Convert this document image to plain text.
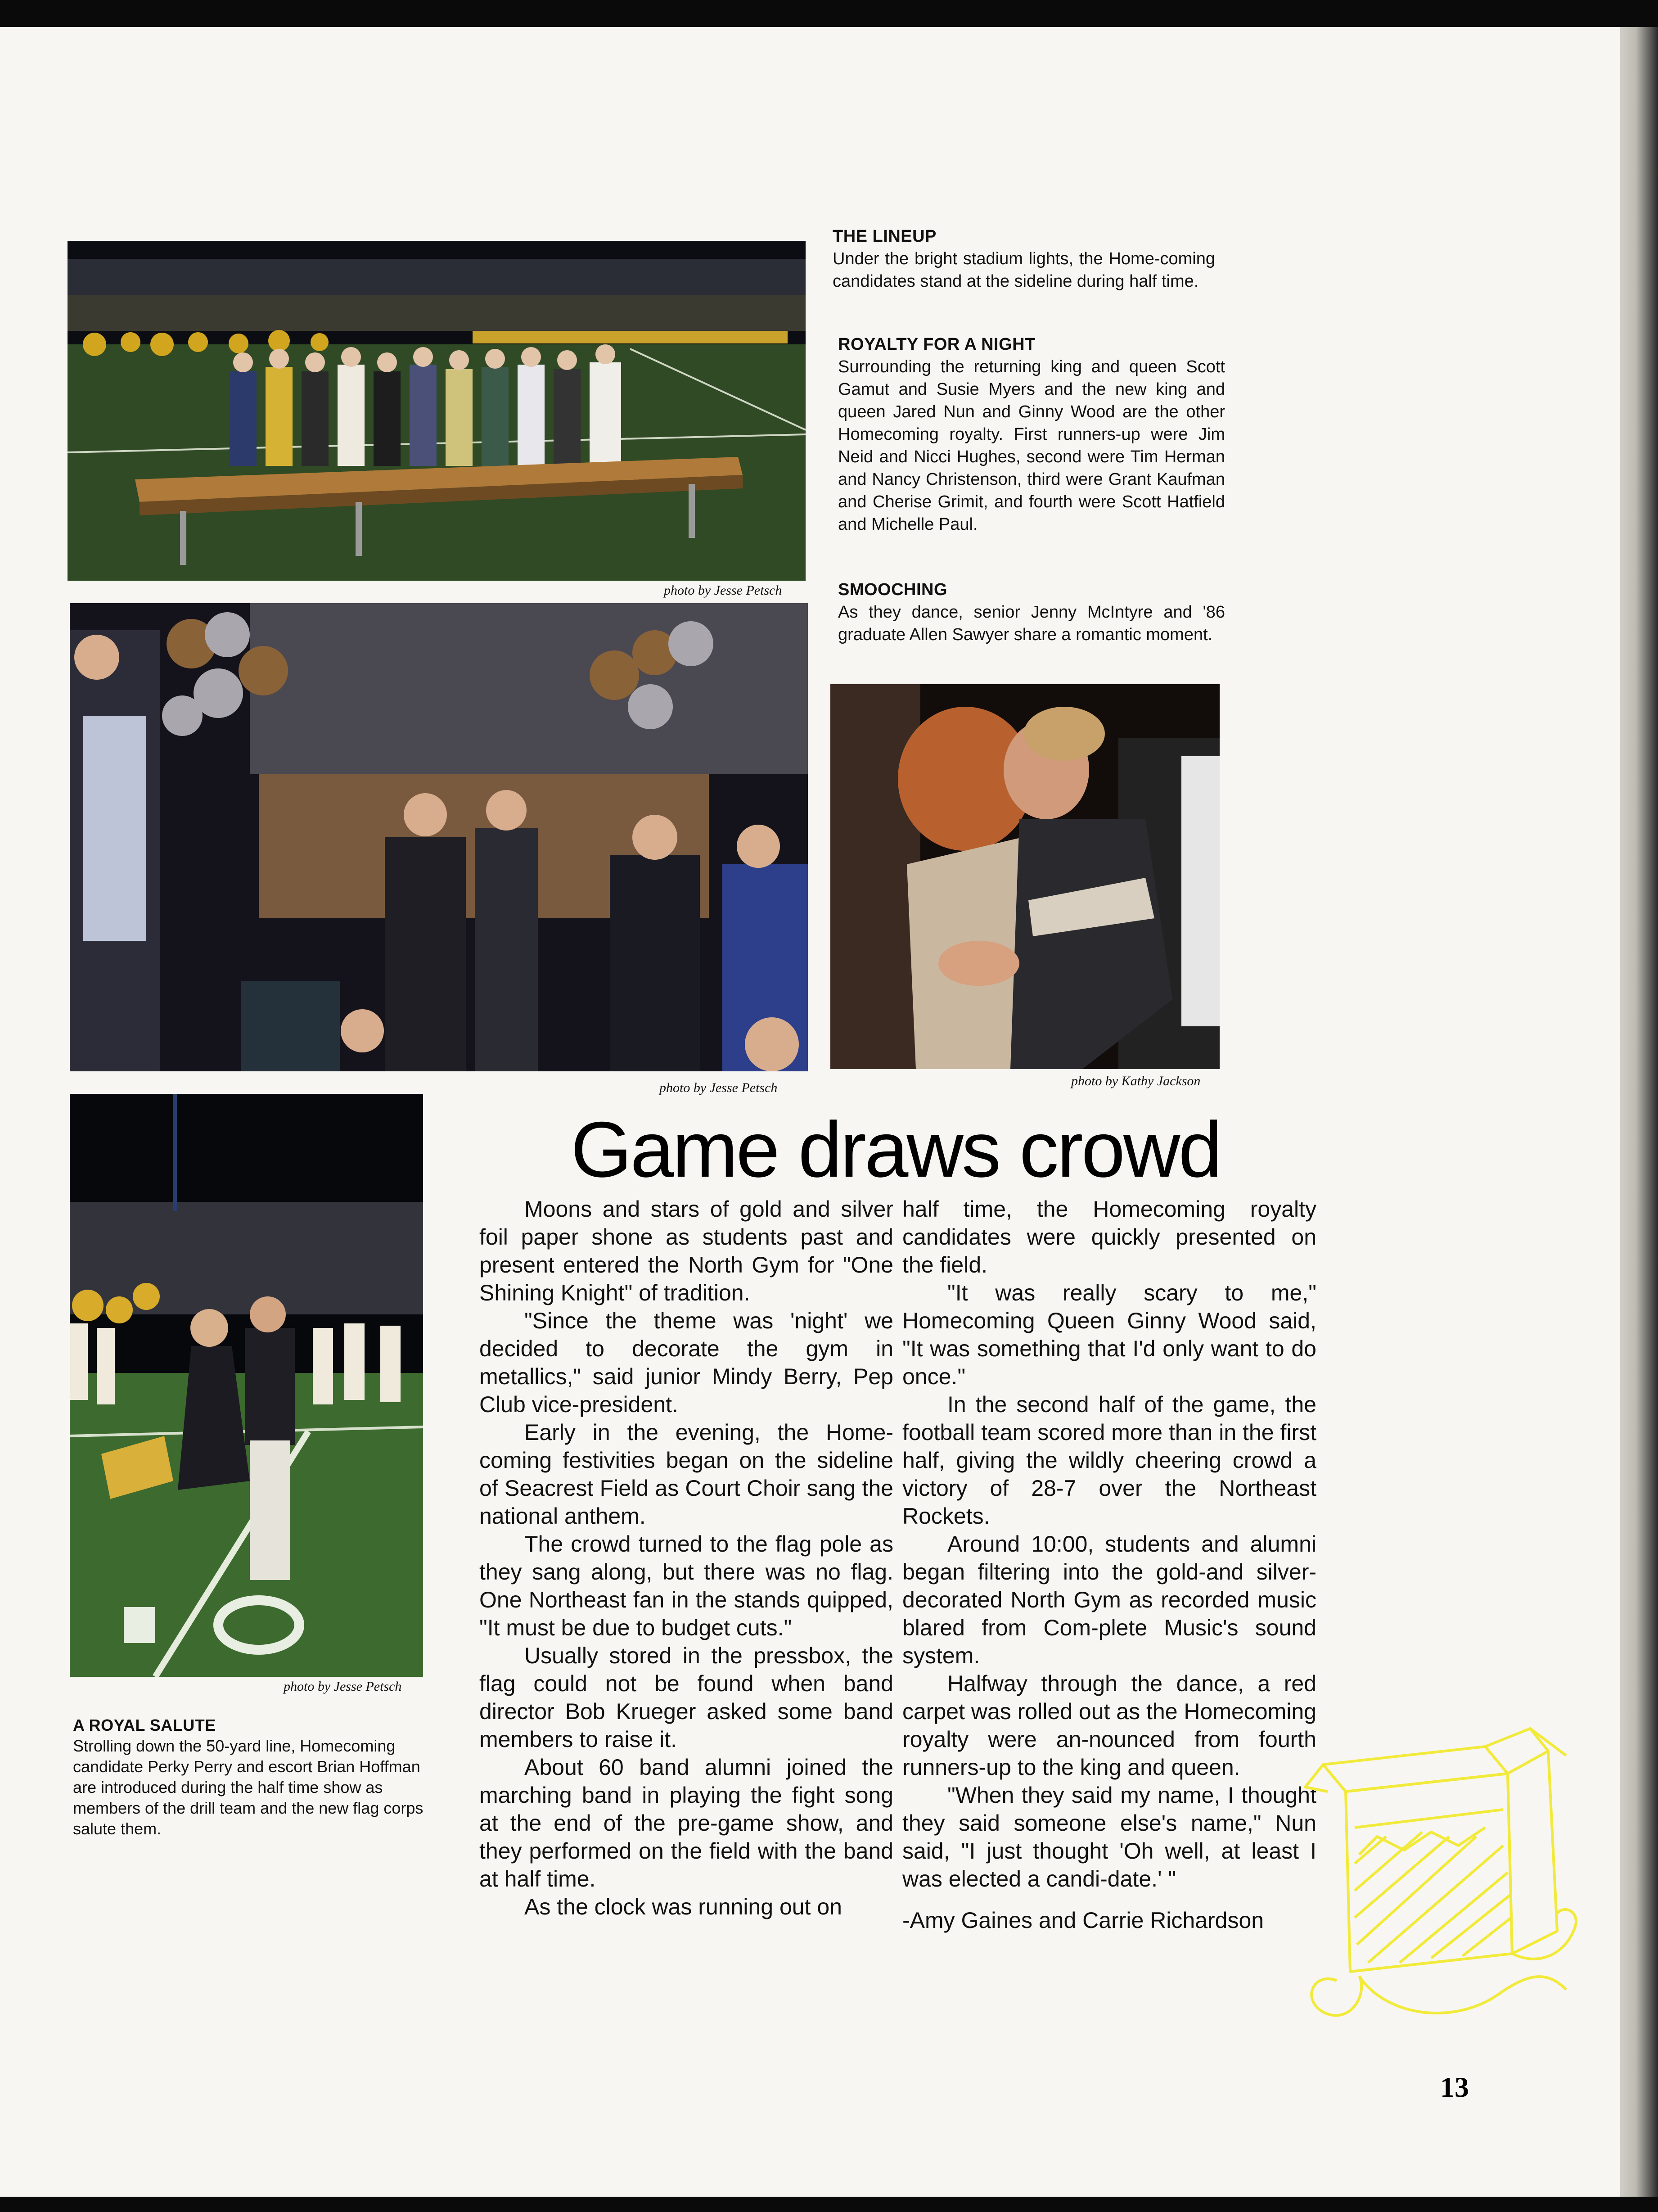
photo by Jesse Petsch
photo by Jesse Petsch	photo by Kathy Jackson
photo by Jesse Petsch
THE LINEUP

Under the bright stadium lights, the Home-coming candidates stand at the sideline during half time.

ROYALTY FOR A NIGHT

Surrounding the returning king and queen Scott Gamut and Susie Myers and the new king and queen Jared Nun and Ginny Wood are the other Homecoming royalty. First runners-up were Jim Neid and Nicci Hughes, second were Tim Herman and Nancy Christenson, third were Grant Kaufman and Cherise Grimit, and fourth were Scott Hatfield and Michelle Paul.

SMOOCHING

As they dance, senior Jenny McIntyre and '86 graduate Allen Sawyer share a romantic moment.

A ROYAL SALUTE

Strolling down the 50-yard line, Homecoming candidate Perky Perry and escort Brian Hoffman are introduced during the half time show as members of the drill team and the new flag corps salute them.

Game draws crowd

Moons and stars of gold and silver foil paper shone as students past and present entered the North Gym for "One Shining Knight" of tradition.

"Since the theme was 'night' we decided to decorate the gym in metallics," said junior Mindy Berry, Pep Club vice-president.

Early in the evening, the Home-coming festivities began on the sideline of Seacrest Field as Court Choir sang the national anthem.

The crowd turned to the flag pole as they sang along, but there was no flag. One Northeast fan in the stands quipped, "It must be due to budget cuts."

Usually stored in the pressbox, the flag could not be found when band director Bob Krueger asked some band members to raise it.

About 60 band alumni joined the marching band in playing the fight song at the end of the pre-game show, and they performed on the field with the band at half time.

As the clock was running out on

half time, the Homecoming royalty candidates were quickly presented on the field.

"It was really scary to me," Homecoming Queen Ginny Wood said, "It was something that I'd only want to do once."

In the second half of the game, the football team scored more than in the first half, giving the wildly cheering crowd a victory of 28-7 over the Northeast Rockets.

Around 10:00, students and alumni began filtering into the gold-and silver-decorated North Gym as recorded music blared from Com-plete Music's sound system.

Halfway through the dance, a red carpet was rolled out as the Homecoming royalty were an-nounced from fourth runners-up to the king and queen.

"When they said my name, I thought they said someone else's name," Nun said, "I just thought 'Oh well, at least I was elected a candi-date.' "

-Amy Gaines and Carrie Richardson

13
